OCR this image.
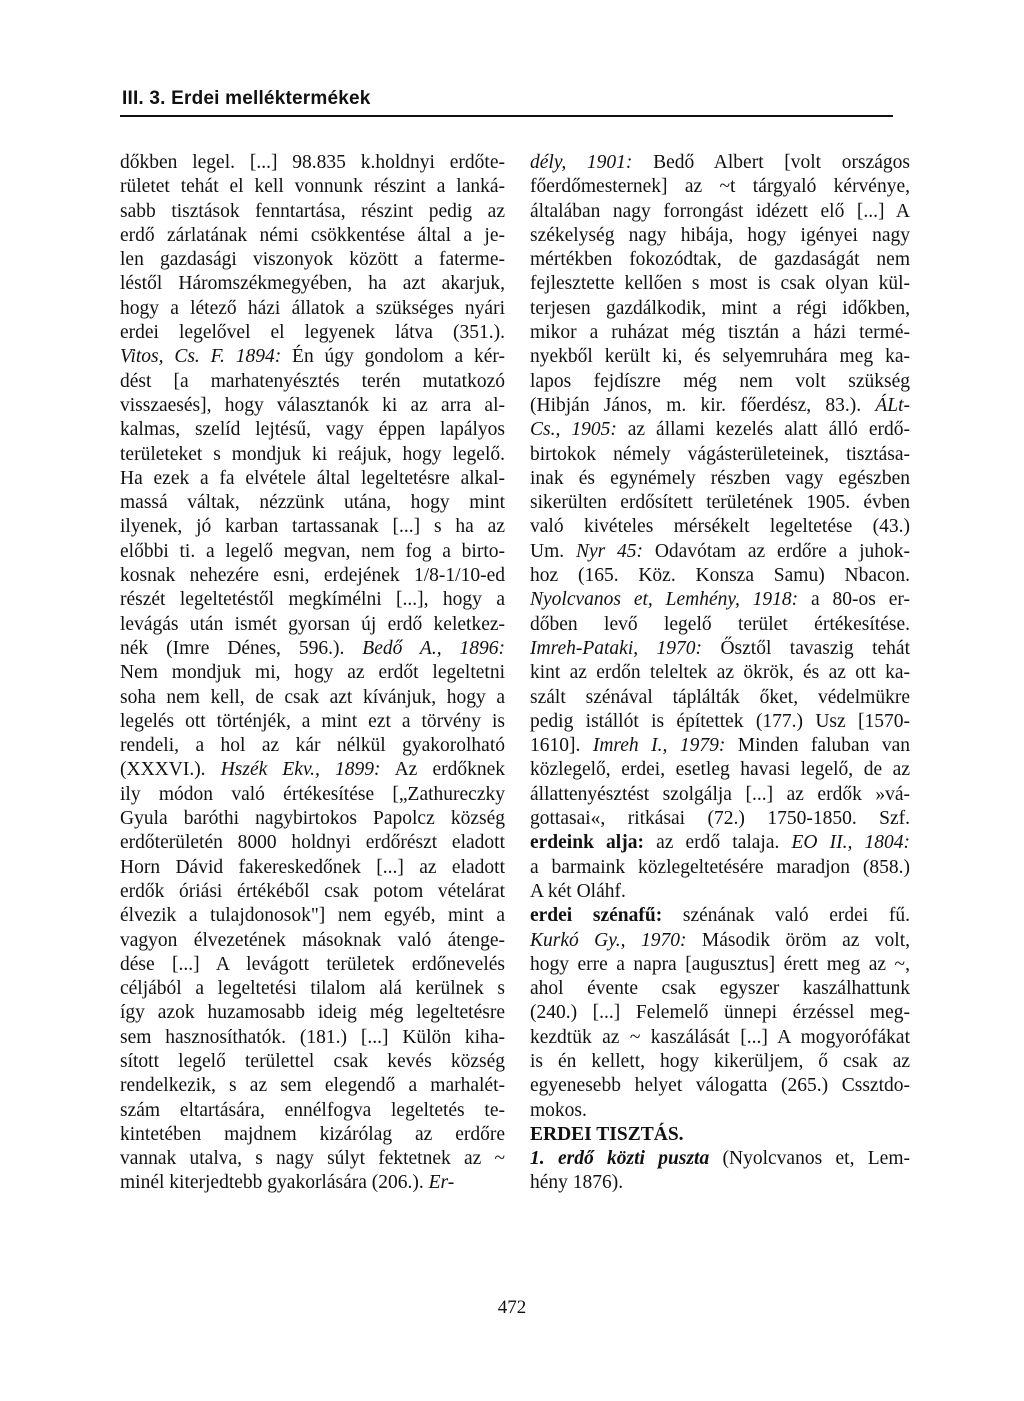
III. 3. Erdei melléktermékek
dőkben legel. [...] 98.835 k.holdnyi erdőte-
rületet tehát el kell vonnunk részint a lanká-
sabb tisztások fenntartása, részint pedig az
erdő zárlatának némi csökkentése által a je-
len gazdasági viszonyok között a faterme-
léstől Háromszékmegyében, ha azt akarjuk,
hogy a létező házi állatok a szükséges nyári
erdei legelővel el legyenek látva (351.).
Vitos, Cs. F. 1894: Én úgy gondolom a kér-
dést [a marhatenyésztés terén mutatkozó
visszaesés], hogy választanók ki az arra al-
kalmas, szelíd lejtésű, vagy éppen lapályos
területeket s mondjuk ki reájuk, hogy legelő.
Ha ezek a fa elvétele által legeltetésre alkal-
massá váltak, nézzünk utána, hogy mint
ilyenek, jó karban tartassanak [...] s ha az
előbbi ti. a legelő megvan, nem fog a birto-
kosnak nehezére esni, erdejének 1/8-1/10-ed
részét legeltetéstől megkímélni [...], hogy a
levágás után ismét gyorsan új erdő keletkez-
nék (Imre Dénes, 596.). Bedő A., 1896:
Nem mondjuk mi, hogy az erdőt legeltetni
soha nem kell, de csak azt kívánjuk, hogy a
legelés ott történjék, a mint ezt a törvény is
rendeli, a hol az kár nélkül gyakorolható
(XXXVI.). Hszék Ekv., 1899: Az erdőknek
ily módon való értékesítése [„Zathureczky
Gyula baróthi nagybirtokos Papolcz község
erdőterületén 8000 holdnyi erdőrészt eladott
Horn Dávid fakereskedőnek [...] az eladott
erdők óriási értékéből csak potom vételárat
élvezik a tulajdonosok"] nem egyéb, mint a
vagyon élvezetének másoknak való átenge-
dése [...] A levágott területek erdőnevelés
céljából a legeltetési tilalom alá kerülnek s
így azok huzamosabb ideig még legeltetésre
sem hasznosíthatók. (181.) [...] Külön kiha-
sított legelő területtel csak kevés község
rendelkezik, s az sem elegendő a marhalét-
szám eltartására, ennélfogva legeltetés te-
kintetében majdnem kizárólag az erdőre
vannak utalva, s nagy súlyt fektetnek az ~
minél kiterjedtebb gyakorlására (206.). Er-
dély, 1901: Bedő Albert [volt országos
főerdőmesternek] az ~t tárgyaló kérvénye,
általában nagy forrongást idézett elő [...] A
székelység nagy hibája, hogy igényei nagy
mértékben fokozódtak, de gazdaságát nem
fejlesztette kellően s most is csak olyan kül-
terjesen gazdálkodik, mint a régi időkben,
mikor a ruházat még tisztán a házi termé-
nyekből került ki, és selyemruhára meg ka-
lapos fejdíszre még nem volt szükség
(Hibján János, m. kir. főerdész, 83.). ÁLt-
Cs., 1905: az állami kezelés alatt álló erdő-
birtokok némely vágásterületeinek, tisztása-
inak és egynémely részben vagy egészben
sikerülten erdősített területének 1905. évben
való kivételes mérsékelt legeltetése (43.)
Um. Nyr 45: Odavótam az erdőre a juhok-
hoz (165. Köz. Konsza Samu) Nbacon.
Nyolcvanos et, Lemhény, 1918: a 80-os er-
dőben levő legelő terület értékesítése.
Imreh-Pataki, 1970: Ősztől tavaszig tehát
kint az erdőn teleltek az ökrök, és az ott ka-
szált szénával táplálták őket, védelmükre
pedig istállót is építettek (177.) Usz [1570-
1610]. Imreh I., 1979: Minden faluban van
közlegelő, erdei, esetleg havasi legelő, de az
állattenyésztést szolgálja [...] az erdők »vá-
gottasai«, ritkásai (72.) 1750-1850. Szf.
erdeink alja: az erdő talaja. EO II., 1804:
a barmaink közlegeltetésére maradjon (858.)
A két Oláhf.
erdei szénafű: szénának való erdei fű.
Kurkó Gy., 1970: Második öröm az volt,
hogy erre a napra [augusztus] érett meg az ~,
ahol évente csak egyszer kaszálhattunk
(240.) [...] Felemelő ünnepi érzéssel meg-
kezdtük az ~ kaszálását [...] A mogyorófákat
is én kellett, hogy kikerüljem, ő csak az
egyenesebb helyet válogatta (265.) Cssztdo-
mokos.
ERDEI TISZTÁS.
1. erdő közti puszta (Nyolcvanos et, Lem-
hény 1876).
472
